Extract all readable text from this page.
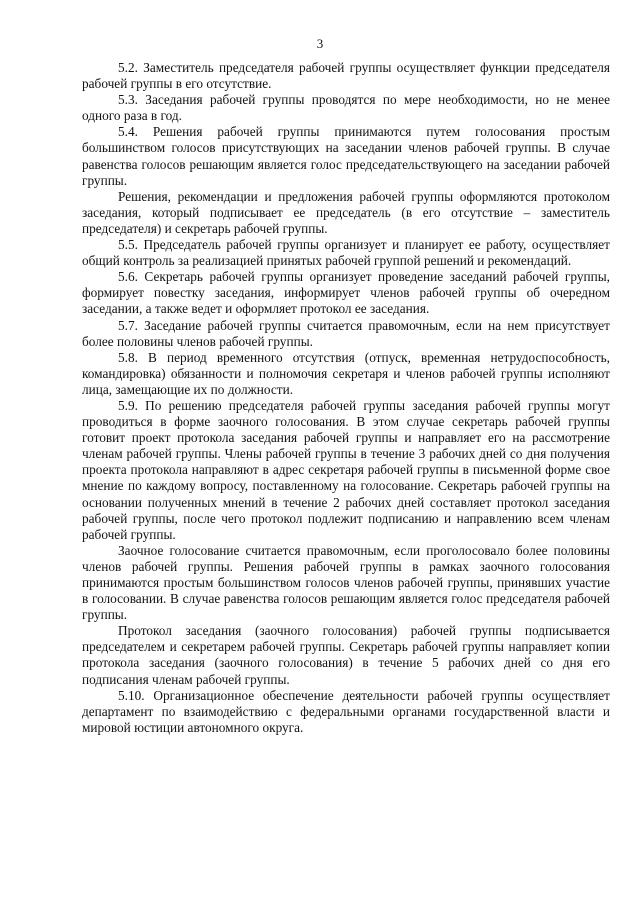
3

5.2. Заместитель председателя рабочей группы осуществляет функции председателя рабочей группы в его отсутствие.

5.3. Заседания рабочей группы проводятся по мере необходимости, но не менее одного раза в год.

5.4. Решения рабочей группы принимаются путем голосования простым большинством голосов присутствующих на заседании членов рабочей группы. В случае равенства голосов решающим является голос председательствующего на заседании рабочей группы.

Решения, рекомендации и предложения рабочей группы оформляются протоколом заседания, который подписывает ее председатель (в его отсутствие – заместитель председателя) и секретарь рабочей группы.

5.5. Председатель рабочей группы организует и планирует ее работу, осуществляет общий контроль за реализацией принятых рабочей группой решений и рекомендаций.

5.6. Секретарь рабочей группы организует проведение заседаний рабочей группы, формирует повестку заседания, информирует членов рабочей группы об очередном заседании, а также ведет и оформляет протокол ее заседания.

5.7. Заседание рабочей группы считается правомочным, если на нем присутствует более половины членов рабочей группы.

5.8. В период временного отсутствия (отпуск, временная нетрудоспособность, командировка) обязанности и полномочия секретаря и членов рабочей группы исполняют лица, замещающие их по должности.

5.9. По решению председателя рабочей группы заседания рабочей группы могут проводиться в форме заочного голосования. В этом случае секретарь рабочей группы готовит проект протокола заседания рабочей группы и направляет его на рассмотрение членам рабочей группы. Члены рабочей группы в течение 3 рабочих дней со дня получения проекта протокола направляют в адрес секретаря рабочей группы в письменной форме свое мнение по каждому вопросу, поставленному на голосование. Секретарь рабочей группы на основании полученных мнений в течение 2 рабочих дней составляет протокол заседания рабочей группы, после чего протокол подлежит подписанию и направлению всем членам рабочей группы.

Заочное голосование считается правомочным, если проголосовало более половины членов рабочей группы. Решения рабочей группы в рамках заочного голосования принимаются простым большинством голосов членов рабочей группы, принявших участие в голосовании. В случае равенства голосов решающим является голос председателя рабочей группы.

Протокол заседания (заочного голосования) рабочей группы подписывается председателем и секретарем рабочей группы. Секретарь рабочей группы направляет копии протокола заседания (заочного голосования) в течение 5 рабочих дней со дня его подписания членам рабочей группы.

5.10. Организационное обеспечение деятельности рабочей группы осуществляет департамент по взаимодействию с федеральными органами государственной власти и мировой юстиции автономного округа.
